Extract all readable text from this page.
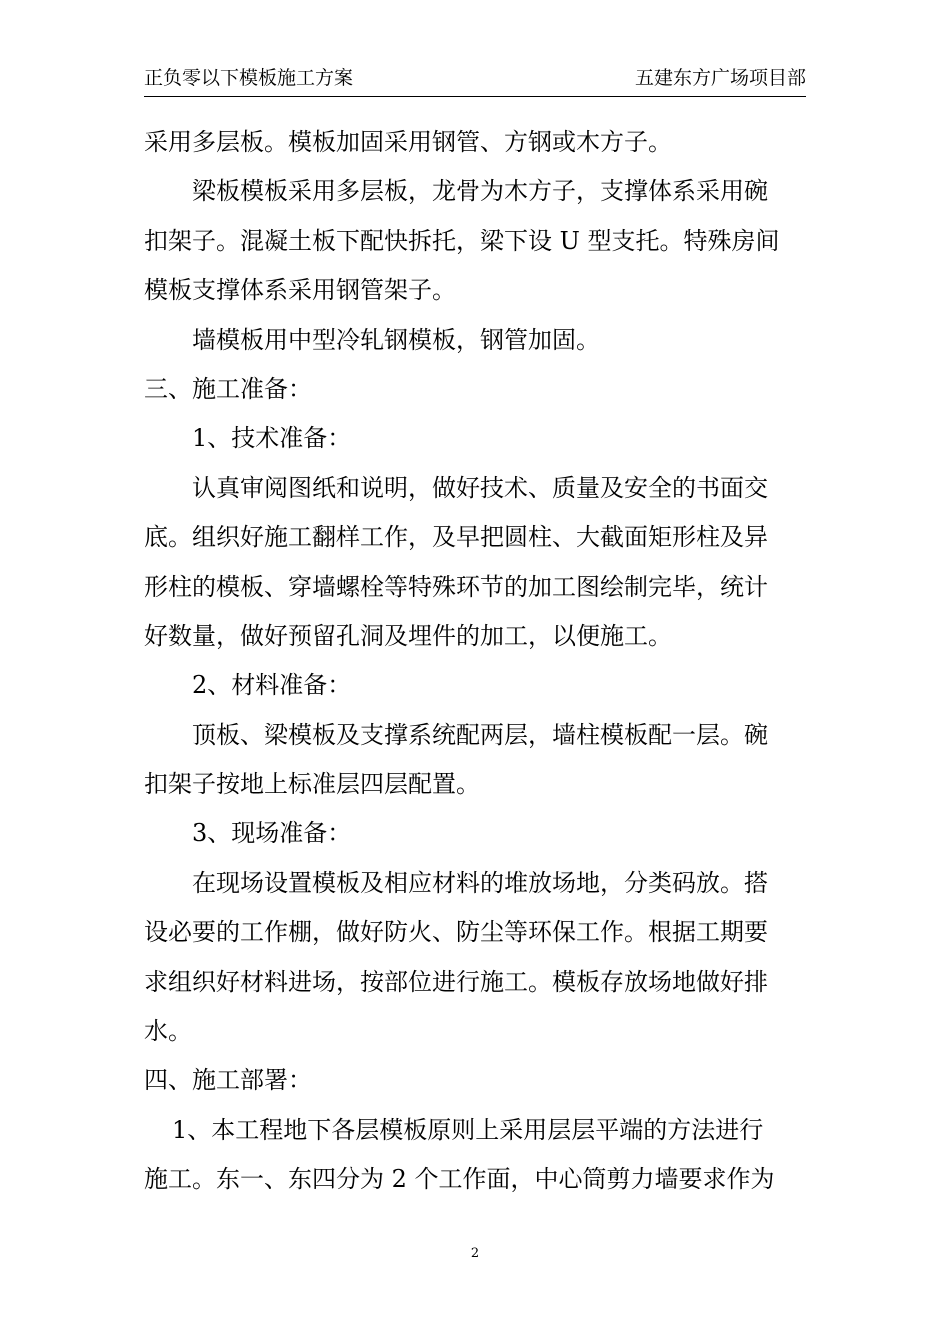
正负零以下模板施工方案	五建东方广场项目部
采用多层板。模板加固采用钢管、方钢或木方子。
梁板模板采用多层板，龙骨为木方子，支撑体系采用碗
扣架子。混凝土板下配快拆托，梁下设 U 型支托。特殊房间
模板支撑体系采用钢管架子。
墙模板用中型冷轧钢模板，钢管加固。
三、施工准备：
1、技术准备：
认真审阅图纸和说明，做好技术、质量及安全的书面交
底。组织好施工翻样工作，及早把圆柱、大截面矩形柱及异
形柱的模板、穿墙螺栓等特殊环节的加工图绘制完毕，统计
好数量，做好预留孔洞及埋件的加工，以便施工。
2、材料准备：
顶板、梁模板及支撑系统配两层，墙柱模板配一层。碗
扣架子按地上标准层四层配置。
3、现场准备：
在现场设置模板及相应材料的堆放场地，分类码放。搭
设必要的工作棚，做好防火、防尘等环保工作。根据工期要
求组织好材料进场，按部位进行施工。模板存放场地做好排
水。
四、施工部署：
1、本工程地下各层模板原则上采用层层平端的方法进行
施工。东一、东四分为 2 个工作面，中心筒剪力墙要求作为
2
